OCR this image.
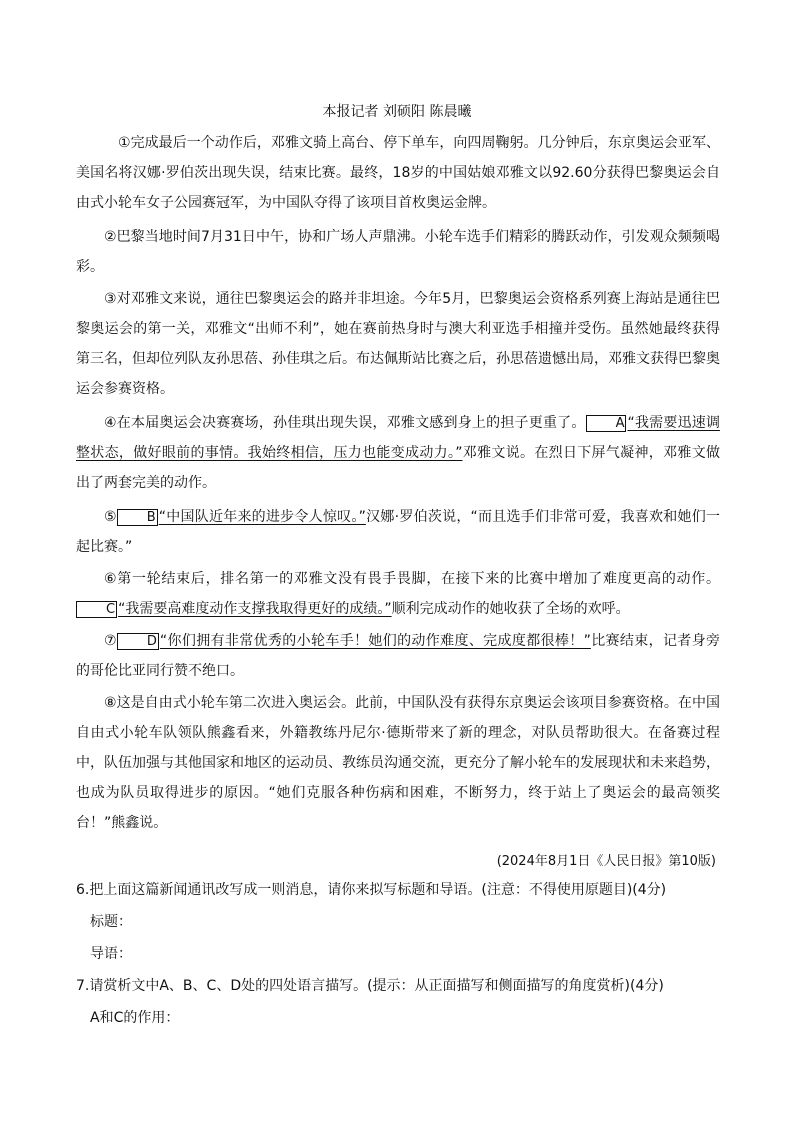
本报记者 刘硕阳 陈晨曦

①完成最后一个动作后，邓雅文骑上高台、停下单车，向四周鞠躬。几分钟后，东京奥运会亚军、美国名将汉娜·罗伯茨出现失误，结束比赛。最终，18岁的中国姑娘邓雅文以92.60分获得巴黎奥运会自由式小轮车女子公园赛冠军，为中国队夺得了该项目首枚奥运金牌。

②巴黎当地时间7月31日中午，协和广场人声鼎沸。小轮车选手们精彩的腾跃动作，引发观众频频喝彩。

③对邓雅文来说，通往巴黎奥运会的路并非坦途。今年5月，巴黎奥运会资格系列赛上海站是通往巴黎奥运会的第一关，邓雅文“出师不利”，她在赛前热身时与澳大利亚选手相撞并受伤。虽然她最终获得第三名，但却位列队友孙思蓓、孙佳琪之后。布达佩斯站比赛之后，孙思蓓遗憾出局，邓雅文获得巴黎奥运会参赛资格。

④在本届奥运会决赛赛场，孙佳琪出现失误，邓雅文感到身上的担子更重了。 A “我需要迅速调整状态，做好眼前的事情。我始终相信，压力也能变成动力。”邓雅文说。在烈日下屏气凝神，邓雅文做出了两套完美的动作。

⑤ B “中国队近年来的进步令人惊叹。”汉娜·罗伯茨说，“而且选手们非常可爱，我喜欢和她们一起比赛。”

⑥第一轮结束后，排名第一的邓雅文没有畏手畏脚，在接下来的比赛中增加了难度更高的动作。C “我需要高难度动作支撑我取得更好的成绩。”顺利完成动作的她收获了全场的欢呼。

⑦ D “你们拥有非常优秀的小轮车手！她们的动作难度、完成度都很棒！”比赛结束，记者身旁的哥伦比亚同行赞不绝口。

⑧这是自由式小轮车第二次进入奥运会。此前，中国队没有获得东京奥运会该项目参赛资格。在中国自由式小轮车队领队熊鑫看来，外籍教练丹尼尔·德斯带来了新的理念，对队员帮助很大。在备赛过程中，队伍加强与其他国家和地区的运动员、教练员沟通交流，更充分了解小轮车的发展现状和未来趋势，也成为队员取得进步的原因。“她们克服各种伤病和困难，不断努力，终于站上了奥运会的最高领奖台！”熊鑫说。

(2024年8月1日《人民日报》第10版)
6.把上面这篇新闻通讯改写成一则消息，请你来拟写标题和导语。(注意：不得使用原题目)(4分)
标题：
导语：
7.请赏析文中A、B、C、D处的四处语言描写。(提示：从正面描写和侧面描写的角度赏析)(4分)
A和C的作用：
